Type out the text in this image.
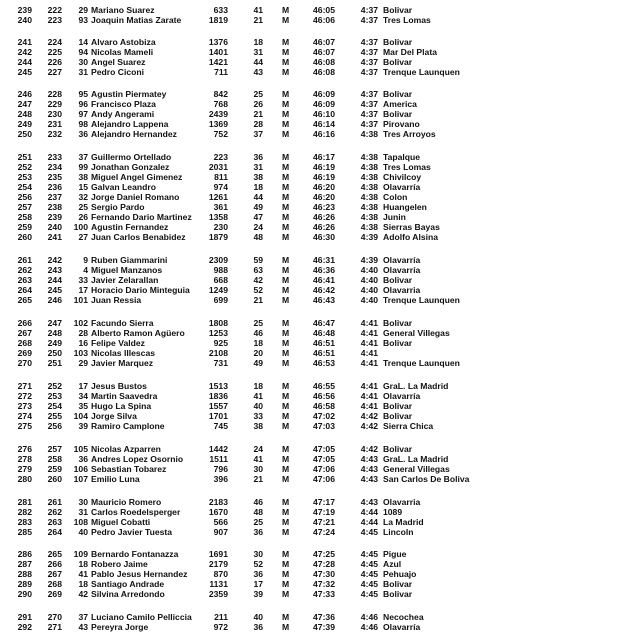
239	222	29 Mariano Suarez	633	41 M	46:05	4:37 Bolivar
240	223	93 Joaquin Matias Zarate	1819	21 M	46:06	4:37 Tres Lomas
241	224	14 Alvaro Astobiza	1376	18 M	46:07	4:37 Bolivar
242	225	94 Nicolas Mameli	1401	31 M	46:07	4:37 Mar Del Plata
244	226	30 Angel Suarez	1421	44 M	46:08	4:37 Bolivar
245	227	31 Pedro Ciconi	711	43 M	46:08	4:37 Trenque Launquen
246	228	95 Agustin Piermatey	842	25 M	46:09	4:37 Bolivar
247	229	96 Francisco Plaza	768	26 M	46:09	4:37 America
248	230	97 Andy Angerami	2439	21 M	46:10	4:37 Bolivar
249	231	98 Alejandro Lappena	1369	28 M	46:14	4:37 Pirovano
250	232	36 Alejandro Hernandez	752	37 M	46:16	4:38 Tres Arroyos
251	233	37 Guillermo Ortellado	223	36 M	46:17	4:38 Tapalque
252	234	99 Jonathan Gonzalez	2031	31 M	46:19	4:38 Tres Lomas
253	235	38 Miguel Angel Gimenez	811	38 M	46:19	4:38 Chivilcoy
254	236	15 Galvan Leandro	974	18 M	46:20	4:38 Olavarría
256	237	32 Jorge Daniel Romano	1261	44 M	46:20	4:38 Colon
257	238	25 Sergio Pardo	361	49 M	46:23	4:38 Huangelen
258	239	26 Fernando Dario Martinez	1358	47 M	46:26	4:38 Junin
259	240	100 Agustin Fernandez	230	24 M	46:26	4:38 Sierras Bayas
260	241	27 Juan Carlos Benabidez	1879	48 M	46:30	4:39 Adolfo Alsina
261	242	9 Ruben Giammarini	2309	59 M	46:31	4:39 Olavarría
262	243	4 Miguel Manzanos	988	63 M	46:36	4:40 Olavarría
263	244	33 Javier Zelarallan	668	42 M	46:41	4:40 Bolivar
264	245	17 Horacio Dario Minteguia	1249	52 M	46:42	4:40 Olavarria
265	246	101 Juan Ressia	699	21 M	46:43	4:40 Trenque Launquen
266	247	102 Facundo Sierra	1808	25 M	46:47	4:41 Bolivar
267	248	28 Alberto Ramon Agüero	1253	46 M	46:48	4:41 General Villegas
268	249	16 Felipe Valdez	925	18 M	46:51	4:41 Bolivar
269	250	103 Nicolas Illescas	2108	20 M	46:51	4:41
270	251	29 Javier Marquez	731	49 M	46:53	4:41 Trenque Launquen
271	252	17 Jesus Bustos	1513	18 M	46:55	4:41 GraL. La Madrid
272	253	34 Martin Saavedra	1836	41 M	46:56	4:41 Olavarría
273	254	35 Hugo La Spina	1557	40 M	46:58	4:41 Bolivar
274	255	104 Jorge Silva	1701	33 M	47:02	4:42 Bolivar
275	256	39 Ramiro Camplone	745	38 M	47:03	4:42 Sierra Chica
276	257	105 Nicolas Azparren	1442	24 M	47:05	4:42 Bolivar
278	258	36 Andres Lopez Osornio	1511	41 M	47:05	4:43 GraL. La Madrid
279	259	106 Sebastian Tobarez	796	30 M	47:06	4:43 General Villegas
280	260	107 Emilio Luna	396	21 M	47:06	4:43 San Carlos De Boliva
281	261	30 Mauricio Romero	2183	46 M	47:17	4:43 Olavarria
282	262	31 Carlos Roedelsperger	1670	48 M	47:19	4:44 1089
283	263	108 Miguel Cobatti	566	25 M	47:21	4:44 La Madrid
285	264	40 Pedro Javier Tuesta	907	36 M	47:24	4:45 Lincoln
286	265	109 Bernardo Fontanazza	1691	30 M	47:25	4:45 Pigue
287	266	18 Robero Jaime	2179	52 M	47:28	4:45 Azul
288	267	41 Pablo Jesus Hernandez	870	36 M	47:30	4:45 Pehuajo
289	268	18 Santiago Andrade	1131	17 M	47:32	4:45 Bolivar
290	269	42 Silvina Arredondo	2359	39 M	47:33	4:45 Bolivar
291	270	37 Luciano Camilo Pelliccia	211	40 M	47:36	4:46 Necochea
292	271	43 Pereyra Jorge	972	36 M	47:39	4:46 Olavarría
